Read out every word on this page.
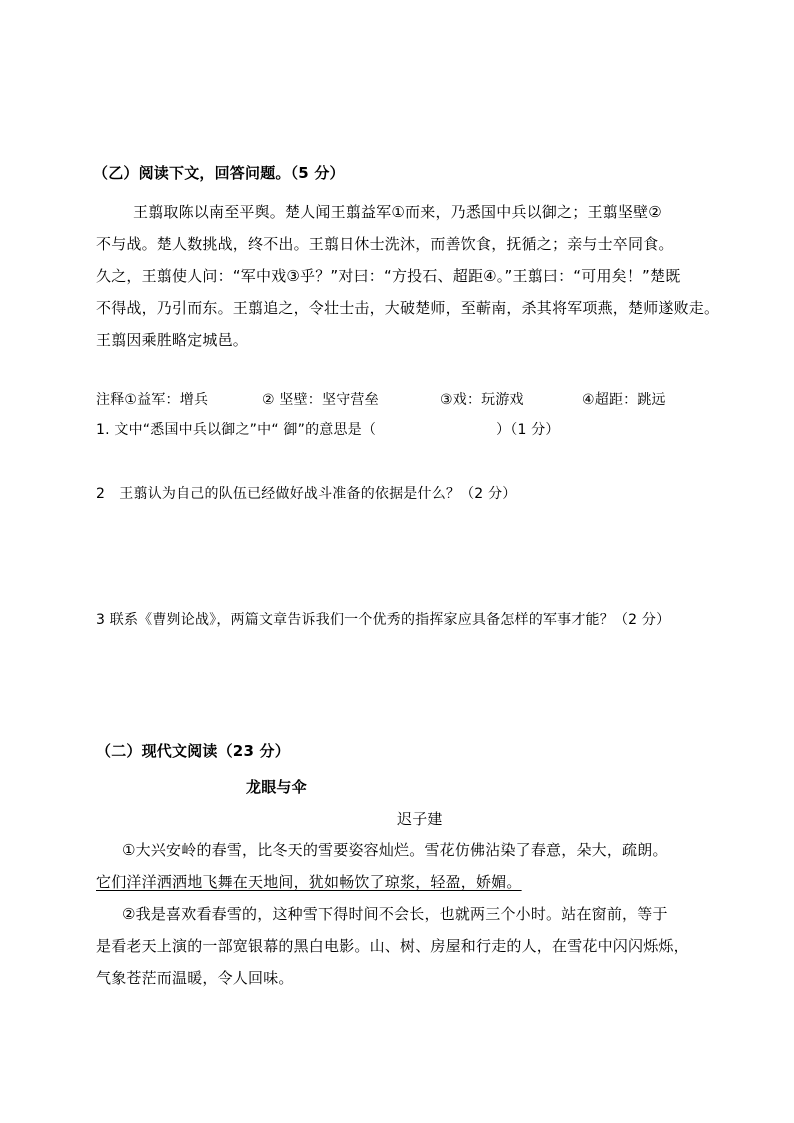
（乙）阅读下文，回答问题。（5 分）
王翦取陈以南至平舆。楚人闻王翦益军①而来，乃悉国中兵以御之；王翦坚壁②
不与战。楚人数挑战，终不出。王翦日休士洗沐，而善饮食，抚循之；亲与士卒同食。
久之，王翦使人问：“军中戏③乎？”对曰：“方投石、超距④。”王翦曰：“可用矣！”楚既
不得战，乃引而东。王翦追之，令壮士击，大破楚师，至蕲南，杀其将军项燕，楚师遂败走。
王翦因乘胜略定城邑。
注释①益军：增兵	② 坚壁：坚守营垒	③戏：玩游戏	④超距：跳远
1. 文中“悉国中兵以御之”中“ 御”的意思是（	）（1 分）
2　王翦认为自己的队伍已经做好战斗准备的依据是什么？（2 分）
3 联系《曹刿论战》，两篇文章告诉我们一个优秀的指挥家应具备怎样的军事才能？（2 分）
（二）现代文阅读（23 分）
龙眼与伞
迟子建
①大兴安岭的春雪，比冬天的雪要姿容灿烂。雪花仿佛沾染了春意，朵大，疏朗。
它们洋洋洒洒地飞舞在天地间，犹如畅饮了琼浆，轻盈，娇媚。
②我是喜欢看春雪的，这种雪下得时间不会长，也就两三个小时。站在窗前，等于
是看老天上演的一部宽银幕的黑白电影。山、树、房屋和行走的人，在雪花中闪闪烁烁，
气象苍茫而温暖，令人回味。
